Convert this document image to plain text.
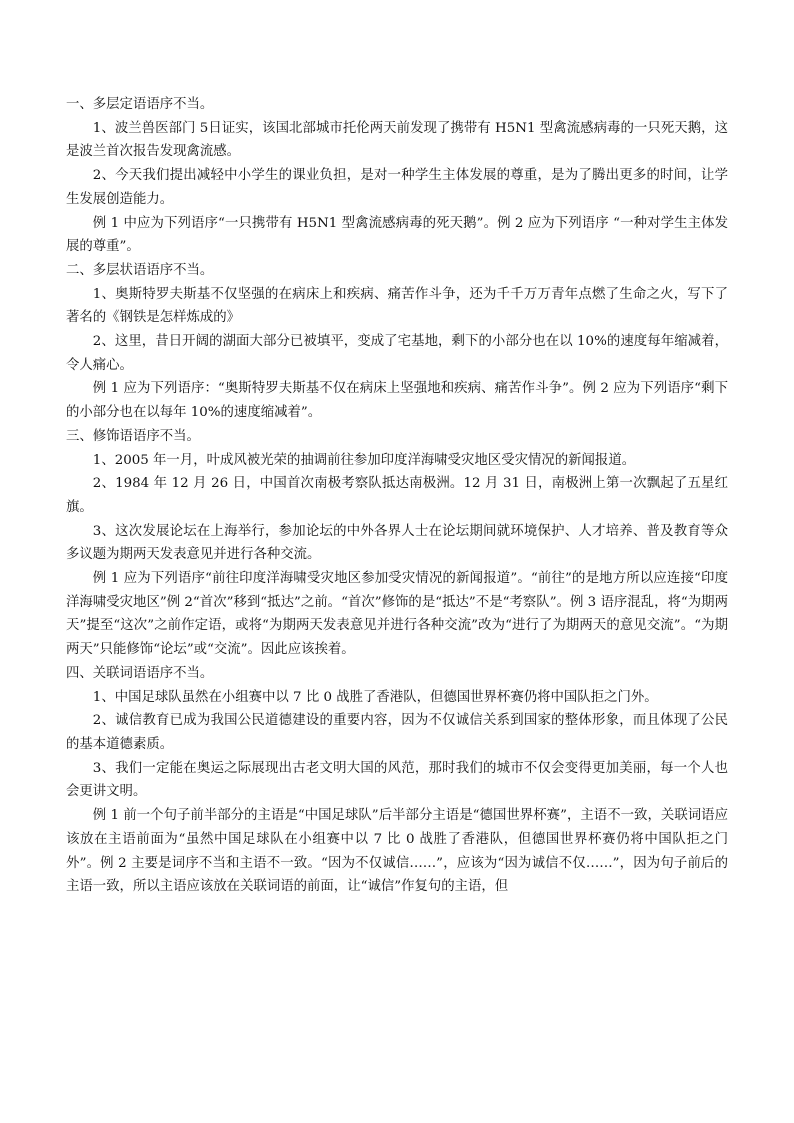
一、多层定语语序不当。

1、波兰兽医部门 5日证实，该国北部城市托伦两天前发现了携带有 H5N1 型禽流感病毒的一只死天鹅，这是波兰首次报告发现禽流感。

2、今天我们提出减轻中小学生的课业负担，是对一种学生主体发展的尊重，是为了腾出更多的时间，让学生发展创造能力。

例 1 中应为下列语序“一只携带有 H5N1 型禽流感病毒的死天鹅”。例 2 应为下列语序 “一种对学生主体发展的尊重”。

二、多层状语语序不当。

1、奥斯特罗夫斯基不仅坚强的在病床上和疾病、痛苦作斗争，还为千千万万青年点燃了生命之火，写下了著名的《钢铁是怎样炼成的》

2、这里，昔日开阔的湖面大部分已被填平，变成了宅基地，剩下的小部分也在以 10%的速度每年缩减着，令人痛心。

例 1 应为下列语序：“奥斯特罗夫斯基不仅在病床上坚强地和疾病、痛苦作斗争”。例 2 应为下列语序“剩下的小部分也在以每年 10%的速度缩减着”。

三、修饰语语序不当。

1、2005 年一月，叶成风被光荣的抽调前往参加印度洋海啸受灾地区受灾情况的新闻报道。

2、1984 年 12 月 26 日，中国首次南极考察队抵达南极洲。12 月 31 日，南极洲上第一次飘起了五星红旗。

3、这次发展论坛在上海举行，参加论坛的中外各界人士在论坛期间就环境保护、人才培养、普及教育等众多议题为期两天发表意见并进行各种交流。

例 1 应为下列语序“前往印度洋海啸受灾地区参加受灾情况的新闻报道”。“前往”的是地方所以应连接“印度洋海啸受灾地区”例 2“首次”移到“抵达”之前。“首次”修饰的是“抵达”不是“考察队”。例 3 语序混乱，将“为期两天”提至“这次”之前作定语，或将“为期两天发表意见并进行各种交流”改为“进行了为期两天的意见交流”。“为期两天”只能修饰“论坛”或“交流”。因此应该挨着。

四、关联词语语序不当。

1、中国足球队虽然在小组赛中以 7 比 0 战胜了香港队，但德国世界杯赛仍将中国队拒之门外。

2、诚信教育已成为我国公民道德建设的重要内容，因为不仅诚信关系到国家的整体形象，而且体现了公民的基本道德素质。

3、我们一定能在奥运之际展现出古老文明大国的风范，那时我们的城市不仅会变得更加美丽，每一个人也会更讲文明。

例 1 前一个句子前半部分的主语是“中国足球队”后半部分主语是“德国世界杯赛”，主语不一致，关联词语应该放在主语前面为“虽然中国足球队在小组赛中以 7 比 0 战胜了香港队，但德国世界杯赛仍将中国队拒之门外”。例 2 主要是词序不当和主语不一致。“因为不仅诚信……”，应该为“因为诚信不仅……”，因为句子前后的主语一致，所以主语应该放在关联词语的前面，让“诚信”作复句的主语，但
